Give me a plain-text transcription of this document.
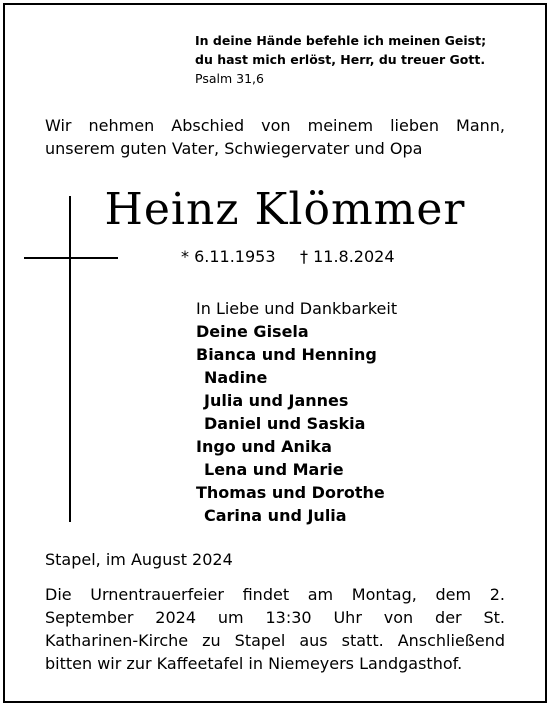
In deine Hände befehle ich meinen Geist;
du hast mich erlöst, Herr, du treuer Gott.
Psalm 31,6
Wir nehmen Abschied von meinem lieben Mann,
unserem guten Vater, Schwiegervater und Opa
Heinz Klömmer
* 6.11.1953 † 11.8.2024
In Liebe und Dankbarkeit
Deine Gisela
Bianca und Henning
Nadine
Julia und Jannes
Daniel und Saskia
Ingo und Anika
Lena und Marie
Thomas und Dorothe
Carina und Julia
Stapel, im August 2024
Die Urnentrauerfeier findet am Montag, dem 2.
September 2024 um 13:30 Uhr von der St.
Katharinen-Kirche zu Stapel aus statt. Anschließend
bitten wir zur Kaffeetafel in Niemeyers Landgasthof.
